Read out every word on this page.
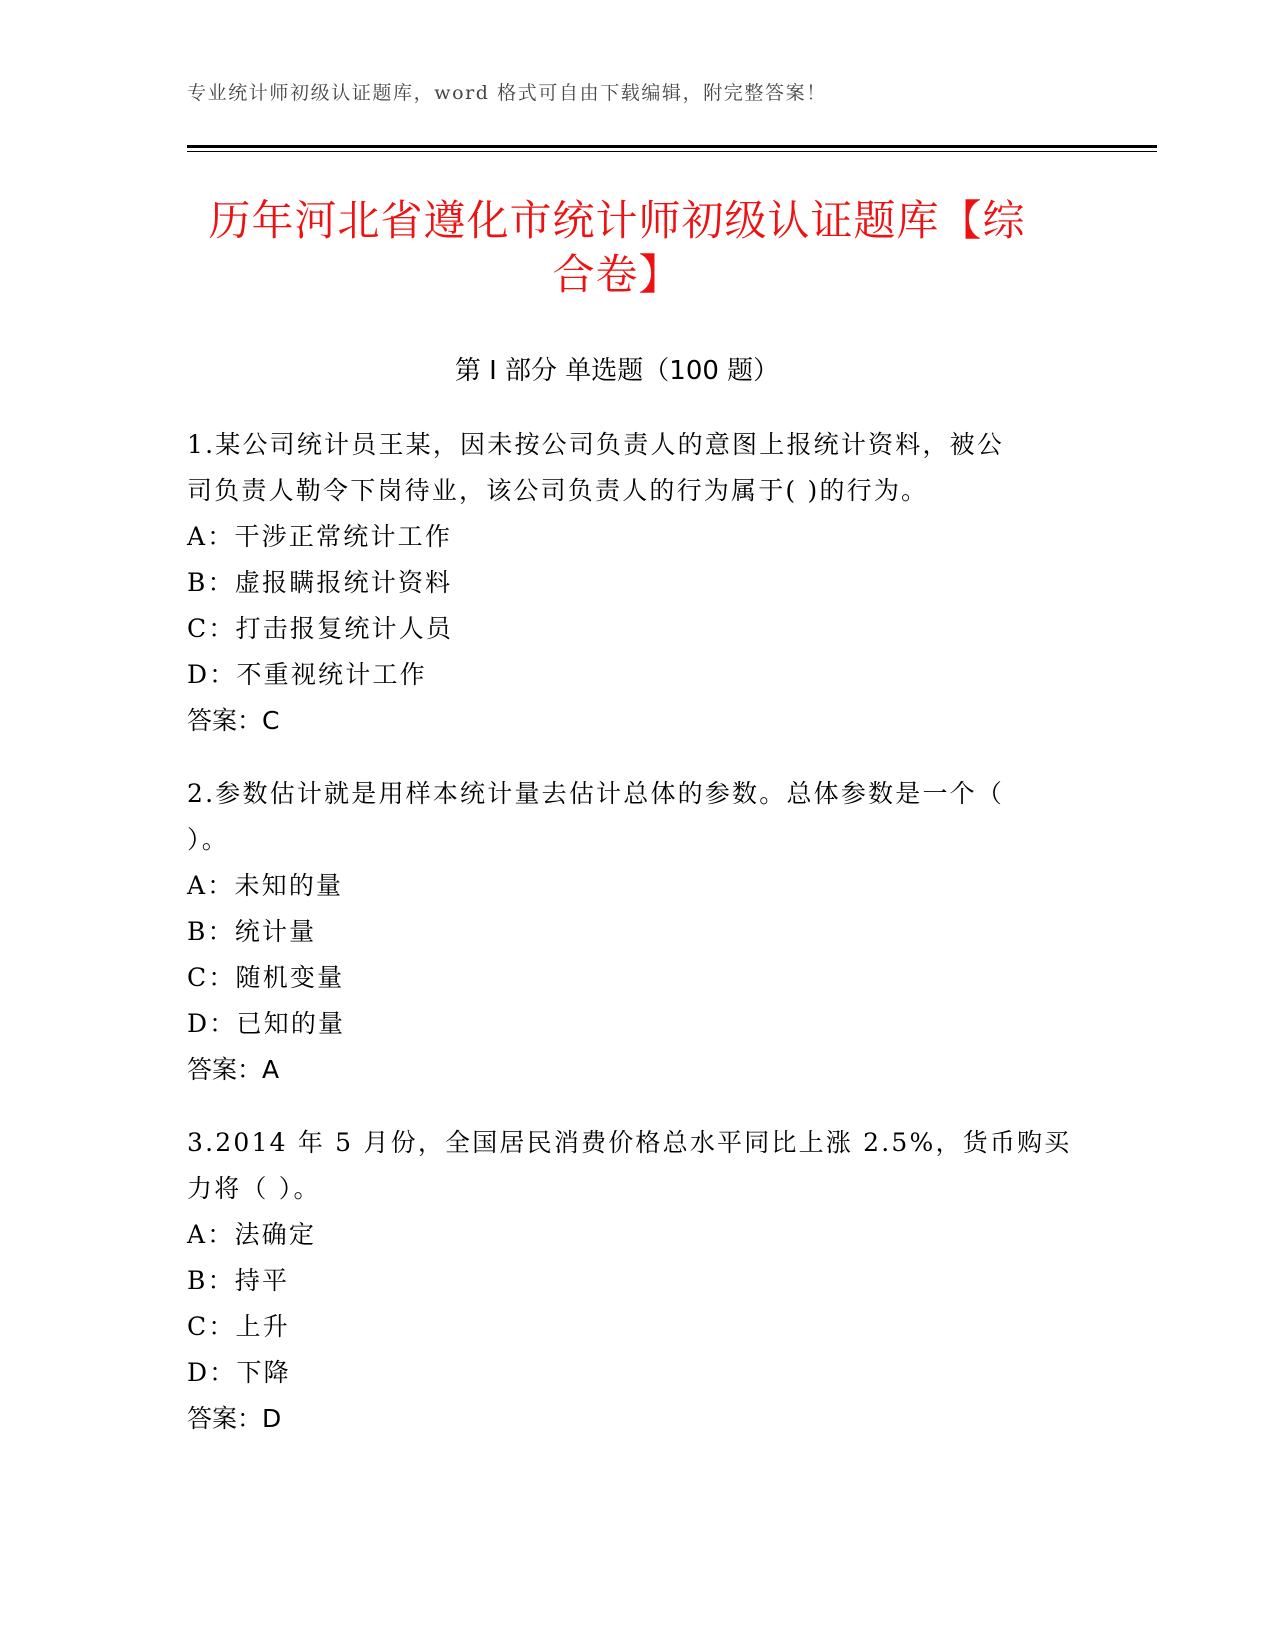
专业统计师初级认证题库，word 格式可自由下载编辑，附完整答案！
历年河北省遵化市统计师初级认证题库【综
合卷】
第 I 部分 单选题（100 题）

1.某公司统计员王某，因未按公司负责人的意图上报统计资料，被公
司负责人勒令下岗待业，该公司负责人的行为属于( )的行为。

A：干涉正常统计工作

B：虚报瞒报统计资料

C：打击报复统计人员

D：不重视统计工作

答案：C

2.参数估计就是用样本统计量去估计总体的参数。总体参数是一个（
）。

A：未知的量

B：统计量

C：随机变量

D：已知的量

答案：A

3.2014 年 5 月份，全国居民消费价格总水平同比上涨 2.5%，货币购买
力将（ ）。

A：法确定

B：持平

C：上升

D：下降

答案：D
